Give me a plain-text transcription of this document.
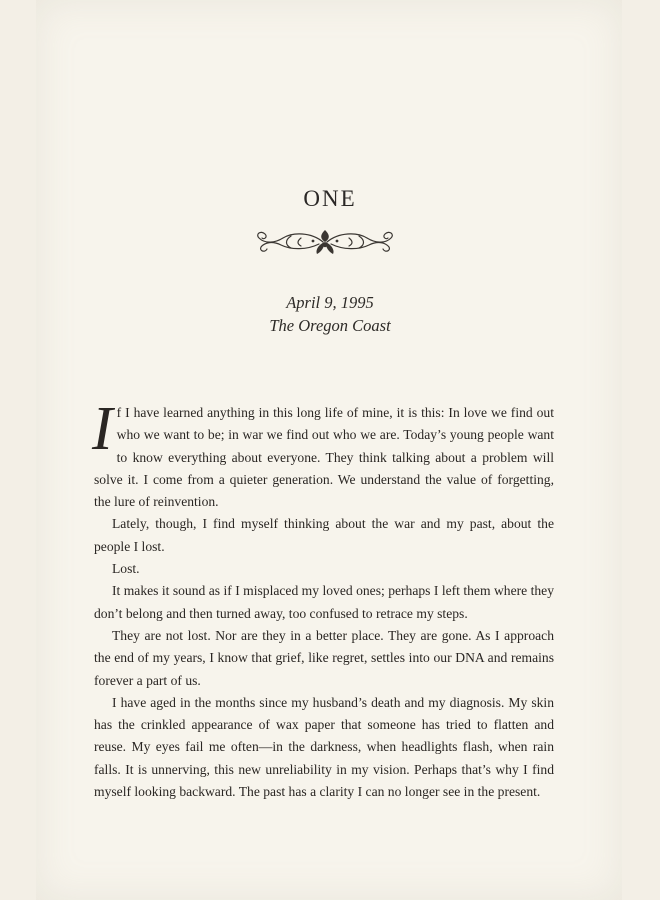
ONE
April 9, 1995
The Oregon Coast

If I have learned anything in this long life of mine, it is this: In love we find out who we want to be; in war we find out who we are. Today’s young people want to know everything about everyone. They think talking about a problem will solve it. I come from a quieter generation. We understand the value of forgetting, the lure of reinvention.

Lately, though, I find myself thinking about the war and my past, about the people I lost.

Lost.

It makes it sound as if I misplaced my loved ones; perhaps I left them where they don’t belong and then turned away, too confused to retrace my steps.

They are not lost. Nor are they in a better place. They are gone. As I approach the end of my years, I know that grief, like regret, settles into our DNA and remains forever a part of us.

I have aged in the months since my husband’s death and my diagnosis. My skin has the crinkled appearance of wax paper that someone has tried to flatten and reuse. My eyes fail me often—in the darkness, when headlights flash, when rain falls. It is unnerving, this new unreliability in my vision. Perhaps that’s why I find myself looking backward. The past has a clarity I can no longer see in the present.
